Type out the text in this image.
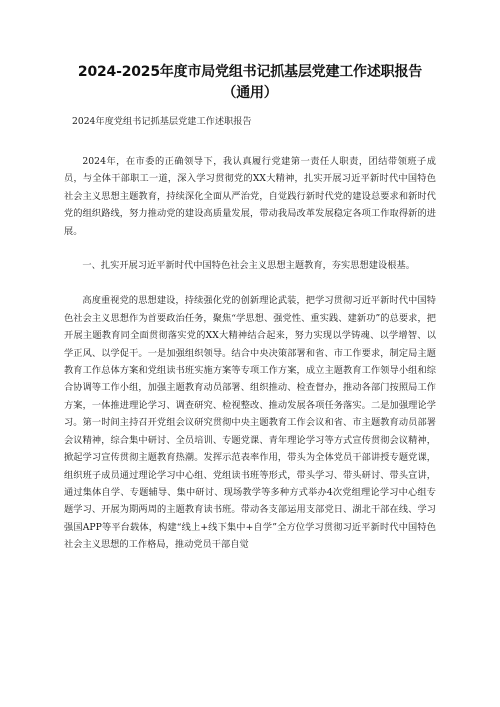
2024-2025年度市局党组书记抓基层党建工作述职报告
（通用）
2024年度党组书记抓基层党建工作述职报告

2024年，在市委的正确领导下，我认真履行党建第一责任人职责，团结带领班子成员，与全体干部职工一道，深入学习贯彻党的XX大精神，扎实开展习近平新时代中国特色社会主义思想主题教育，持续深化全面从严治党，自觉践行新时代党的建设总要求和新时代党的组织路线，努力推动党的建设高质量发展，带动我局改革发展稳定各项工作取得新的进展。

一、扎实开展习近平新时代中国特色社会主义思想主题教育，夯实思想建设根基。

高度重视党的思想建设，持续强化党的创新理论武装，把学习贯彻习近平新时代中国特色社会主义思想作为首要政治任务，聚焦“学思想、强党性、重实践、建新功”的总要求，把开展主题教育同全面贯彻落实党的XX大精神结合起来，努力实现以学铸魂、以学增智、以学正风、以学促干。一是加强组织领导。结合中央决策部署和省、市工作要求，制定局主题教育工作总体方案和党组读书班实施方案等专项工作方案，成立主题教育工作领导小组和综合协调等工作小组，加强主题教育动员部署、组织推动、检查督办，推动各部门按照局工作方案，一体推进理论学习、调查研究、检视整改、推动发展各项任务落实。二是加强理论学习。第一时间主持召开党组会议研究贯彻中央主题教育工作会议和省、市主题教育动员部署会议精神，综合集中研讨、全员培训、专题党课、青年理论学习等方式宣传贯彻会议精神，掀起学习宣传贯彻主题教育热潮。发挥示范表率作用，带头为全体党员干部讲授专题党课，组织班子成员通过理论学习中心组、党组读书班等形式，带头学习、带头研讨、带头宣讲，通过集体自学、专题辅导、集中研讨、现场教学等多种方式举办4次党组理论学习中心组专题学习、开展为期两周的主题教育读书班。带动各支部运用支部党日、湖北干部在线、学习强国APP等平台载体，构建“线上+线下集中+自学”全方位学习贯彻习近平新时代中国特色社会主义思想的工作格局，推动党员干部自觉
